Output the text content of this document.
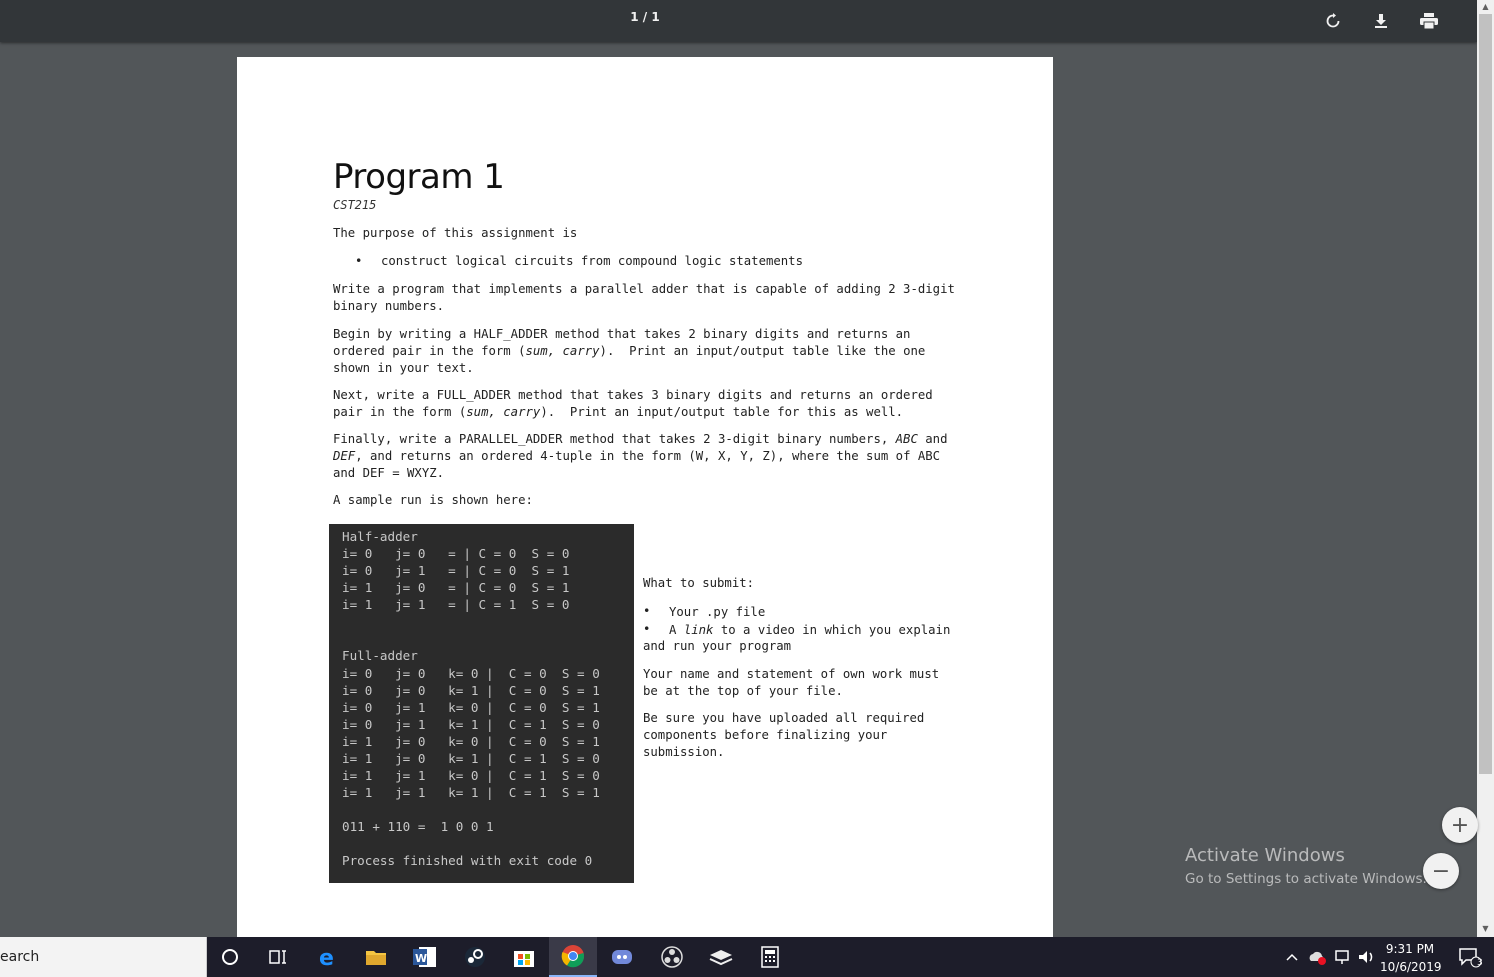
1 / 1
▲
▼
Program 1
CST215
The purpose of this assignment is
• construct logical circuits from compound logic statements
Write a program that implements a parallel adder that is capable of adding 2 3-digit
binary numbers.
Begin by writing a HALF_ADDER method that takes 2 binary digits and returns an
ordered pair in the form (sum, carry).  Print an input/output table like the one
shown in your text.
Next, write a FULL_ADDER method that takes 3 binary digits and returns an ordered
pair in the form (sum, carry).  Print an input/output table for this as well.
Finally, write a PARALLEL_ADDER method that takes 2 3-digit binary numbers, ABC and
DEF, and returns an ordered 4-tuple in the form (W, X, Y, Z), where the sum of ABC
and DEF = WXYZ.
A sample run is shown here:
Half-adder
i= 0   j= 0   = | C = 0  S = 0
i= 0   j= 1   = | C = 0  S = 1
i= 1   j= 0   = | C = 0  S = 1
i= 1   j= 1   = | C = 1  S = 0
Full-adder
i= 0   j= 0   k= 0 |  C = 0  S = 0
i= 0   j= 0   k= 1 |  C = 0  S = 1
i= 0   j= 1   k= 0 |  C = 0  S = 1
i= 0   j= 1   k= 1 |  C = 1  S = 0
i= 1   j= 0   k= 0 |  C = 0  S = 1
i= 1   j= 0   k= 1 |  C = 1  S = 0
i= 1   j= 1   k= 0 |  C = 1  S = 0
i= 1   j= 1   k= 1 |  C = 1  S = 1
011 + 110 =  1 0 0 1
Process finished with exit code 0
What to submit:
• Your .py file
• A link to a video in which you explain
and run your program
Your name and statement of own work must
be at the top of your file.
Be sure you have uploaded all required
components before finalizing your
submission.
+
−
Activate Windows
Go to Settings to activate Windows.
earch	e	W
9:31 PM
10/6/2019	3
